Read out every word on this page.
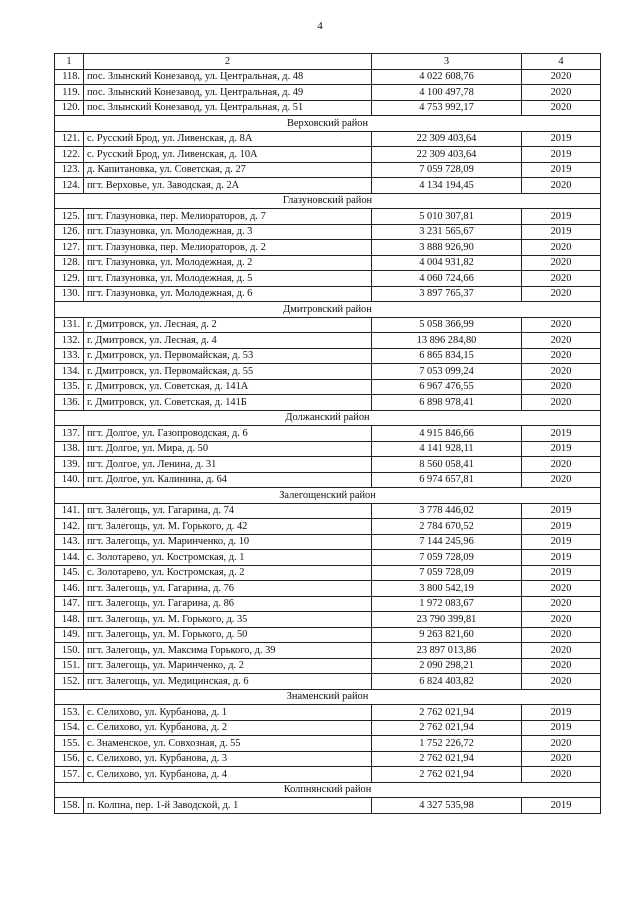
4
1	2	3	4
118.	пос. Злынский Конезавод, ул. Центральная, д. 48	4 022 608,76	2020
119.	пос. Злынский Конезавод, ул. Центральная, д. 49	4 100 497,78	2020
120.	пос. Злынский Конезавод, ул. Центральная, д. 51	4 753 992,17	2020
Верховский район			
121.	с. Русский Брод, ул. Ливенская, д. 8А	22 309 403,64	2019
122.	с. Русский Брод, ул. Ливенская, д. 10А	22 309 403,64	2019
123.	д. Капитановка, ул. Советская, д. 27	7 059 728,09	2019
124.	пгт. Верховье, ул. Заводская, д. 2А	4 134 194,45	2020
Глазуновский район			
125.	пгт. Глазуновка, пер. Мелиораторов, д. 7	5 010 307,81	2019
126.	пгт. Глазуновка, ул. Молодежная, д. 3	3 231 565,67	2019
127.	пгт. Глазуновка, пер. Мелиораторов, д. 2	3 888 926,90	2020
128.	пгт. Глазуновка, ул. Молодежная, д. 2	4 004 931,82	2020
129.	пгт. Глазуновка, ул. Молодежная, д. 5	4 060 724,66	2020
130.	пгт. Глазуновка, ул. Молодежная, д. 6	3 897 765,37	2020
Дмитровский район			
131.	г. Дмитровск, ул. Лесная, д. 2	5 058 366,99	2020
132.	г. Дмитровск, ул. Лесная, д. 4	13 896 284,80	2020
133.	г. Дмитровск, ул. Первомайская, д. 53	6 865 834,15	2020
134.	г. Дмитровск, ул. Первомайская, д. 55	7 053 099,24	2020
135.	г. Дмитровск, ул. Советская, д. 141А	6 967 476,55	2020
136.	г. Дмитровск, ул. Советская, д. 141Б	6 898 978,41	2020
Должанский район			
137.	пгт. Долгое, ул. Газопроводская, д. 6	4 915 846,66	2019
138.	пгт. Долгое, ул. Мира, д. 50	4 141 928,11	2019
139.	пгт. Долгое, ул. Ленина, д. 31	8 560 058,41	2020
140.	пгт. Долгое, ул. Калинина, д. 64	6 974 657,81	2020
Залегощенский район			
141.	пгт. Залегощь, ул. Гагарина, д. 74	3 778 446,02	2019
142.	пгт. Залегощь, ул. М. Горького, д. 42	2 784 670,52	2019
143.	пгт. Залегощь, ул. Маринченко, д. 10	7 144 245,96	2019
144.	с. Золотарево, ул. Костромская, д. 1	7 059 728,09	2019
145.	с. Золотарево, ул. Костромская, д. 2	7 059 728,09	2019
146.	пгт. Залегощь, ул. Гагарина, д. 76	3 800 542,19	2020
147.	пгт. Залегощь, ул. Гагарина, д. 86	1 972 083,67	2020
148.	пгт. Залегощь, ул. М. Горького, д. 35	23 790 399,81	2020
149.	пгт. Залегощь, ул. М. Горького, д. 50	9 263 821,60	2020
150.	пгт. Залегощь, ул. Максима Горького, д. 39	23 897 013,86	2020
151.	пгт. Залегощь, ул. Маринченко, д. 2	2 090 298,21	2020
152.	пгт. Залегощь, ул. Медицинская, д. 6	6 824 403,82	2020
Знаменский район			
153.	с. Селихово, ул. Курбанова, д. 1	2 762 021,94	2019
154.	с. Селихово, ул. Курбанова, д. 2	2 762 021,94	2019
155.	с. Знаменское, ул. Совхозная, д. 55	1 752 226,72	2020
156.	с. Селихово, ул. Курбанова, д. 3	2 762 021,94	2020
157.	с. Селихово, ул. Курбанова, д. 4	2 762 021,94	2020
Колпнянский район			
158.	п. Колпна, пер. 1-й Заводской, д. 1	4 327 535,98	2019
